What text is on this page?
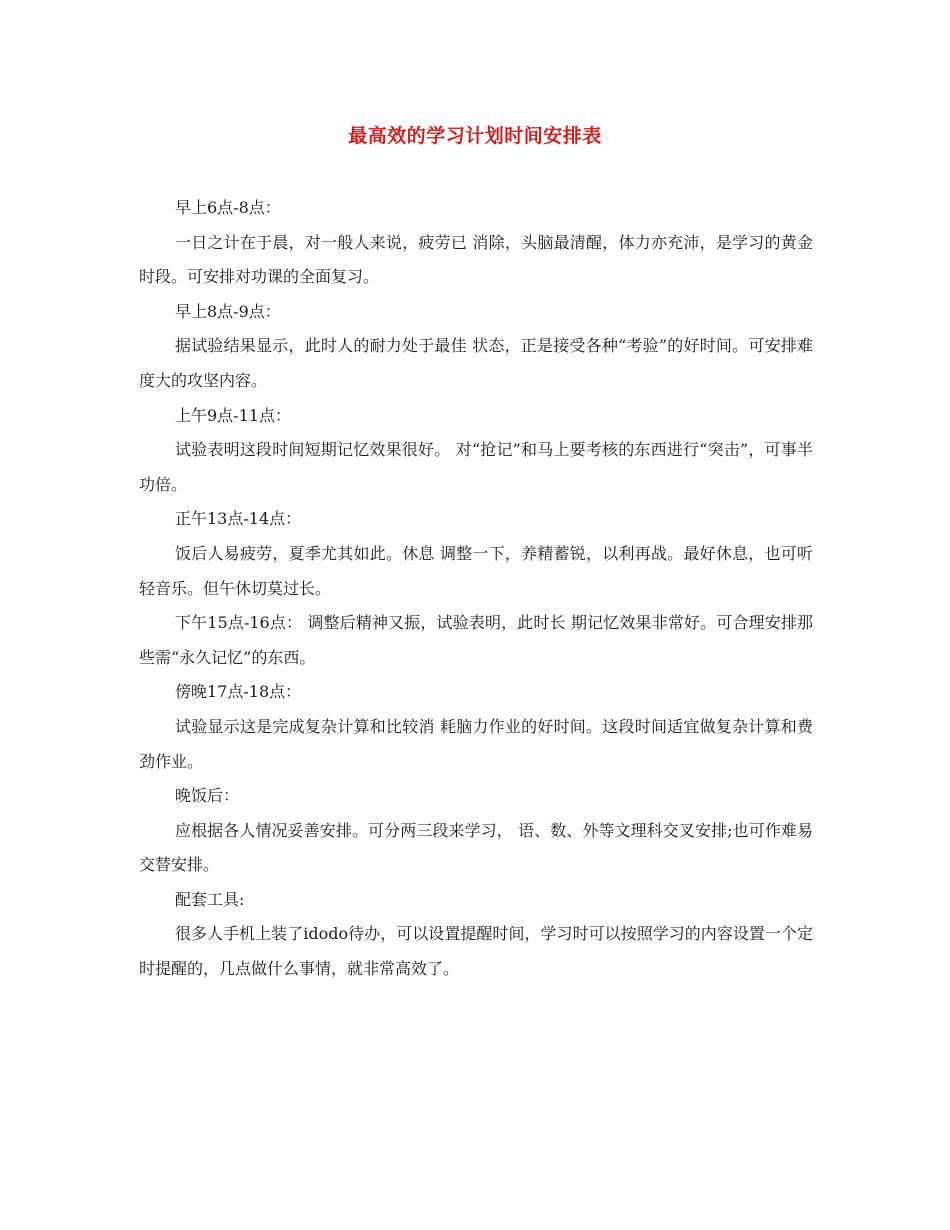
最高效的学习计划时间安排表

早上6点-8点：

一日之计在于晨，对一般人来说，疲劳已 消除，头脑最清醒，体力亦充沛，是学习的黄金时段。可安排对功课的全面复习。

早上8点-9点：

据试验结果显示，此时人的耐力处于最佳 状态，正是接受各种“考验”的好时间。可安排难度大的攻坚内容。

上午9点-11点：

试验表明这段时间短期记忆效果很好。 对“抢记”和马上要考核的东西进行“突击”，可事半功倍。

正午13点-14点：

饭后人易疲劳，夏季尤其如此。休息 调整一下，养精蓄锐，以利再战。最好休息，也可听轻音乐。但午休切莫过长。

下午15点-16点： 调整后精神又振，试验表明，此时长 期记忆效果非常好。可合理安排那些需“永久记忆”的东西。

傍晚17点-18点：

试验显示这是完成复杂计算和比较消 耗脑力作业的好时间。这段时间适宜做复杂计算和费劲作业。

晚饭后：

应根据各人情况妥善安排。可分两三段来学习， 语、数、外等文理科交叉安排;也可作难易交替安排。

配套工具:

很多人手机上装了idodo待办，可以设置提醒时间，学习时可以按照学习的内容设置一个定时提醒的，几点做什么事情，就非常高效了。
